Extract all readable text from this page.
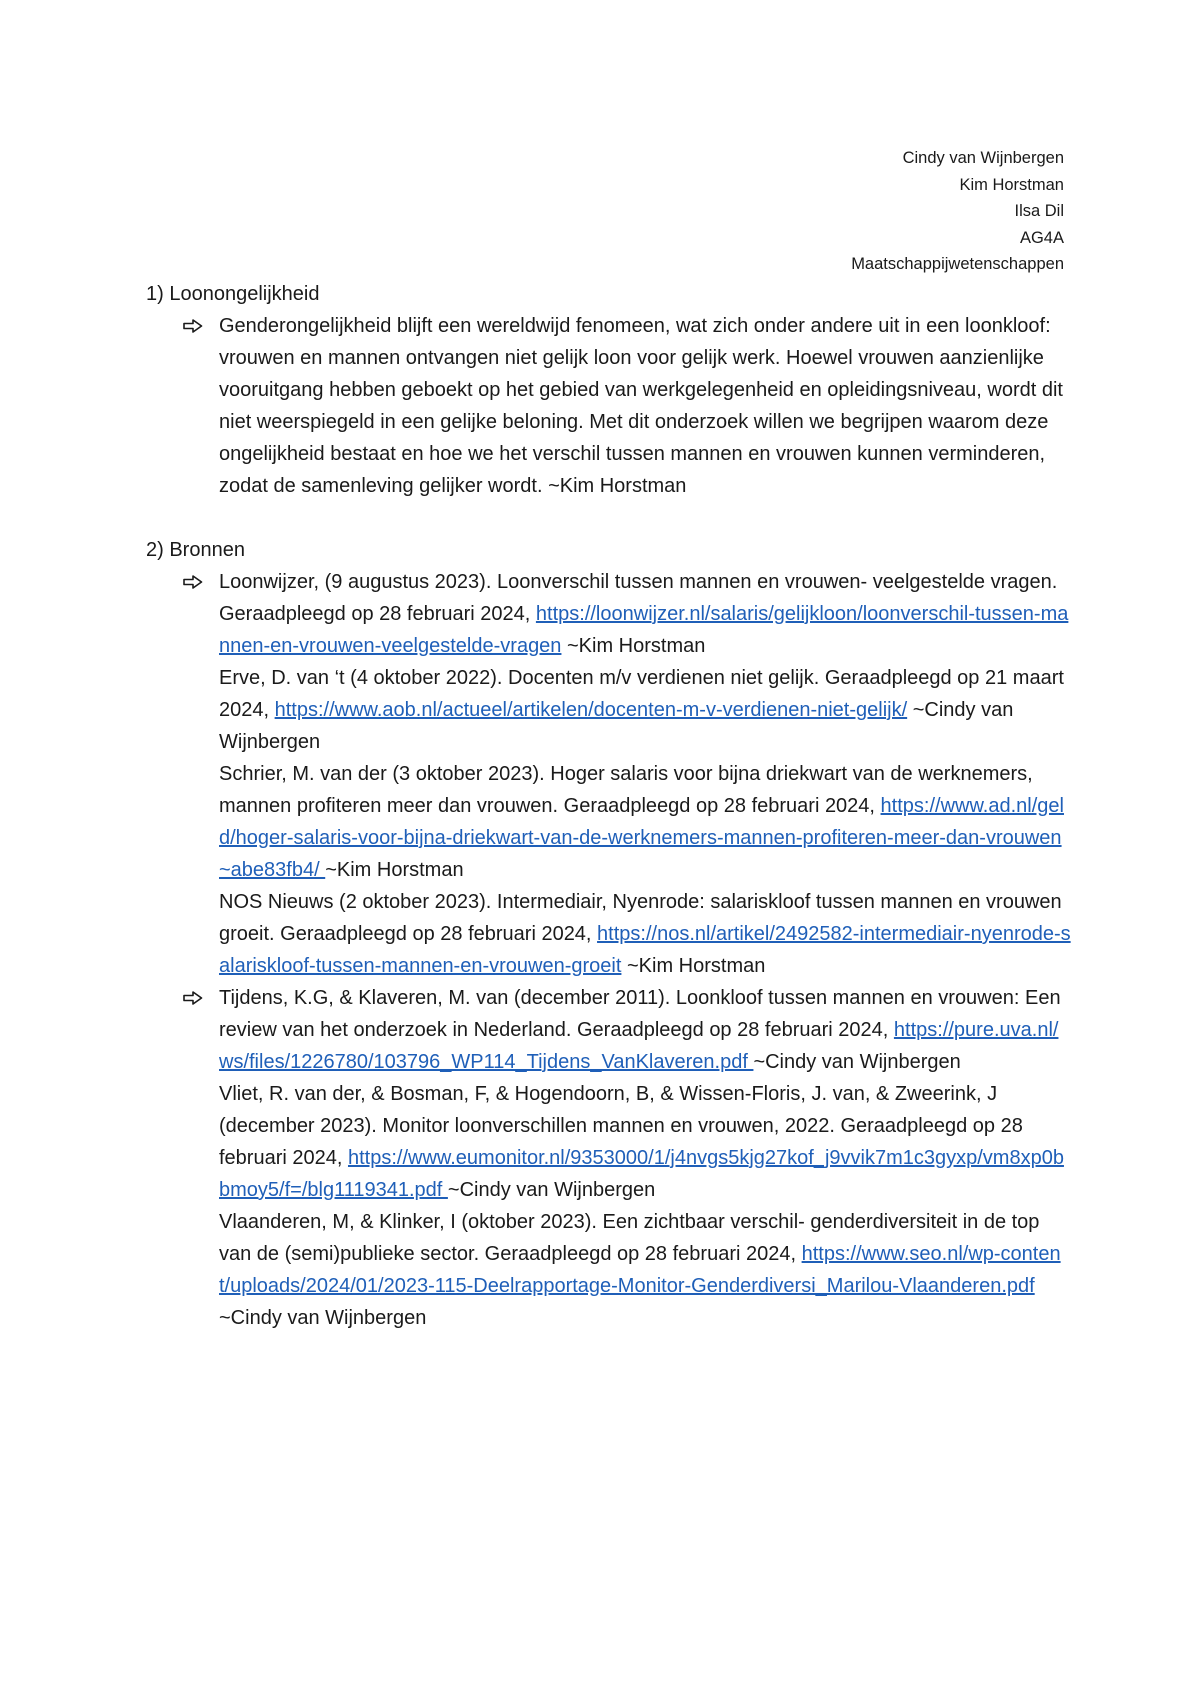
Cindy van Wijnbergen
Kim Horstman
Ilsa Dil
AG4A
Maatschappijwetenschappen
1) Loonongelijkheid

Genderongelijkheid blijft een wereldwijd fenomeen, wat zich onder andere uit in een loonkloof: vrouwen en mannen ontvangen niet gelijk loon voor gelijk werk. Hoewel vrouwen aanzienlijke vooruitgang hebben geboekt op het gebied van werkgelegenheid en opleidingsniveau, wordt dit niet weerspiegeld in een gelijke beloning. Met dit onderzoek willen we begrijpen waarom deze ongelijkheid bestaat en hoe we het verschil tussen mannen en vrouwen kunnen verminderen, zodat de samenleving gelijker wordt. ~Kim Horstman

2) Bronnen

Loonwijzer, (9 augustus 2023). Loonverschil tussen mannen en vrouwen- veelgestelde vragen. Geraadpleegd op 28 februari 2024, https://loonwijzer.nl/salaris/gelijkloon/loonverschil-tussen-mannen-en-vrouwen-veelgestelde-vragen ~Kim Horstman

Erve, D. van ‘t (4 oktober 2022). Docenten m/v verdienen niet gelijk. Geraadpleegd op 21 maart 2024, https://www.aob.nl/actueel/artikelen/docenten-m-v-verdienen-niet-gelijk/ ~Cindy van Wijnbergen

Schrier, M. van der (3 oktober 2023). Hoger salaris voor bijna driekwart van de werknemers, mannen profiteren meer dan vrouwen. Geraadpleegd op 28 februari 2024, https://www.ad.nl/geld/hoger-salaris-voor-bijna-driekwart-van-de-werknemers-mannen-profiteren-meer-dan-vrouwen~abe83fb4/ ~Kim Horstman

NOS Nieuws (2 oktober 2023). Intermediair, Nyenrode: salariskloof tussen mannen en vrouwen groeit. Geraadpleegd op 28 februari 2024, https://nos.nl/artikel/2492582-intermediair-nyenrode-salariskloof-tussen-mannen-en-vrouwen-groeit ~Kim Horstman

Tijdens, K.G, & Klaveren, M. van (december 2011). Loonkloof tussen mannen en vrouwen: Een review van het onderzoek in Nederland. Geraadpleegd op 28 februari 2024, https://pure.uva.nl/ws/files/1226780/103796_WP114_Tijdens_VanKlaveren.pdf ~Cindy van Wijnbergen

Vliet, R. van der, & Bosman, F, & Hogendoorn, B, & Wissen-Floris, J. van, & Zweerink, J (december 2023). Monitor loonverschillen mannen en vrouwen, 2022. Geraadpleegd op 28 februari 2024, https://www.eumonitor.nl/9353000/1/j4nvgs5kjg27kof_j9vvik7m1c3gyxp/vm8xp0bbmoy5/f=/blg1119341.pdf ~Cindy van Wijnbergen

Vlaanderen, M, & Klinker, I (oktober 2023). Een zichtbaar verschil- genderdiversiteit in de top van de (semi)publieke sector. Geraadpleegd op 28 februari 2024, https://www.seo.nl/wp-content/uploads/2024/01/2023-115-Deelrapportage-Monitor-Genderdiversi_Marilou-Vlaanderen.pdf ~Cindy van Wijnbergen
